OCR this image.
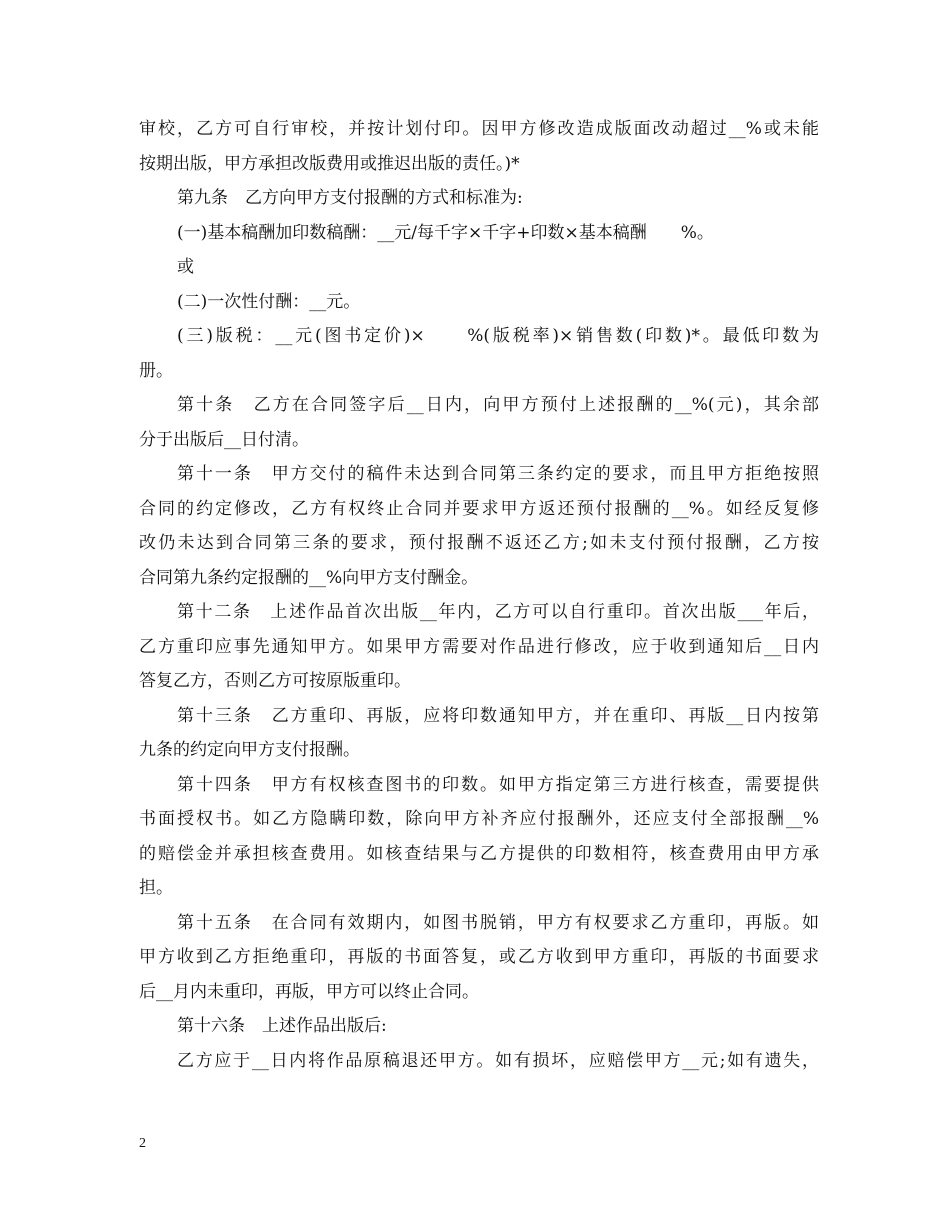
审校，乙方可自行审校，并按计划付印。因甲方修改造成版面改动超过__%或未能
按期出版，甲方承担改版费用或推迟出版的责任。)*
第九条　乙方向甲方支付报酬的方式和标准为:
(一)基本稿酬加印数稿酬：__元/每千字×千字+印数×基本稿酬　　%。
或
(二)一次性付酬：__元。
(三)版税：__元(图书定价)×　　%(版税率)×销售数(印数)*。最低印数为
册。
第十条　乙方在合同签字后__日内，向甲方预付上述报酬的__%(元)，其余部
分于出版后__日付清。
第十一条　甲方交付的稿件未达到合同第三条约定的要求，而且甲方拒绝按照
合同的约定修改，乙方有权终止合同并要求甲方返还预付报酬的__%。如经反复修
改仍未达到合同第三条的要求，预付报酬不返还乙方;如未支付预付报酬，乙方按
合同第九条约定报酬的__%向甲方支付酬金。
第十二条　上述作品首次出版__年内，乙方可以自行重印。首次出版___年后，
乙方重印应事先通知甲方。如果甲方需要对作品进行修改，应于收到通知后__日内
答复乙方，否则乙方可按原版重印。
第十三条　乙方重印、再版，应将印数通知甲方，并在重印、再版__日内按第
九条的约定向甲方支付报酬。
第十四条　甲方有权核查图书的印数。如甲方指定第三方进行核查，需要提供
书面授权书。如乙方隐瞒印数，除向甲方补齐应付报酬外，还应支付全部报酬__%
的赔偿金并承担核查费用。如核查结果与乙方提供的印数相符，核查费用由甲方承
担。
第十五条　在合同有效期内，如图书脱销，甲方有权要求乙方重印，再版。如
甲方收到乙方拒绝重印，再版的书面答复，或乙方收到甲方重印，再版的书面要求
后__月内未重印，再版，甲方可以终止合同。
第十六条　上述作品出版后:
乙方应于__日内将作品原稿退还甲方。如有损坏，应赔偿甲方__元;如有遗失，
2
